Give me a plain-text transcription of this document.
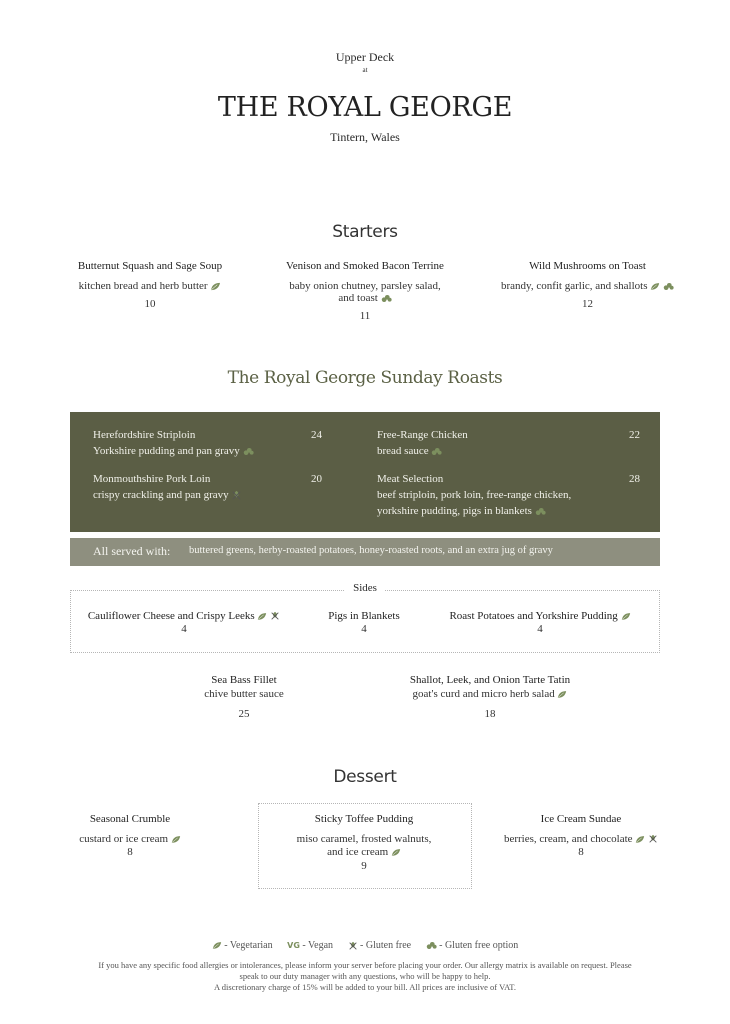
Upper Deck
at
THE ROYAL GEORGE
Tintern, Wales
Starters
Butternut Squash and Sage Soup
kitchen bread and herb butter
10
Venison and Smoked Bacon Terrine
baby onion chutney, parsley salad,
and toast
11
Wild Mushrooms on Toast
brandy, confit garlic, and shallots
12
The Royal George Sunday Roasts
Herefordshire Striploin
Yorkshire pudding and pan gravy
24	Free-Range Chicken
bread sauce
22
Monmouthshire Pork Loin
crispy crackling and pan gravy
20	Meat Selection
beef striploin, pork loin, free-range chicken,
yorkshire pudding, pigs in blankets
28
All served with: buttered greens, herby-roasted potatoes, honey-roasted roots, and an extra jug of gravy
Sides
Cauliflower Cheese and Crispy Leeks
4
Pigs in Blankets
4
Roast Potatoes and Yorkshire Pudding
4
Sea Bass Fillet
chive butter sauce
25
Shallot, Leek, and Onion Tarte Tatin
goat's curd and micro herb salad
18
Dessert
Seasonal Crumble
custard or ice cream
8
Sticky Toffee Pudding
miso caramel, frosted walnuts,
and ice cream
9
Ice Cream Sundae
berries, cream, and chocolate
8
- Vegetarian VG - Vegan	- Gluten free	- Gluten free option
If you have any specific food allergies or intolerances, please inform your server before placing your order. Our allergy matrix is available on request. Please
speak to our duty manager with any questions, who will be happy to help.
A discretionary charge of 15% will be added to your bill. All prices are inclusive of VAT.
